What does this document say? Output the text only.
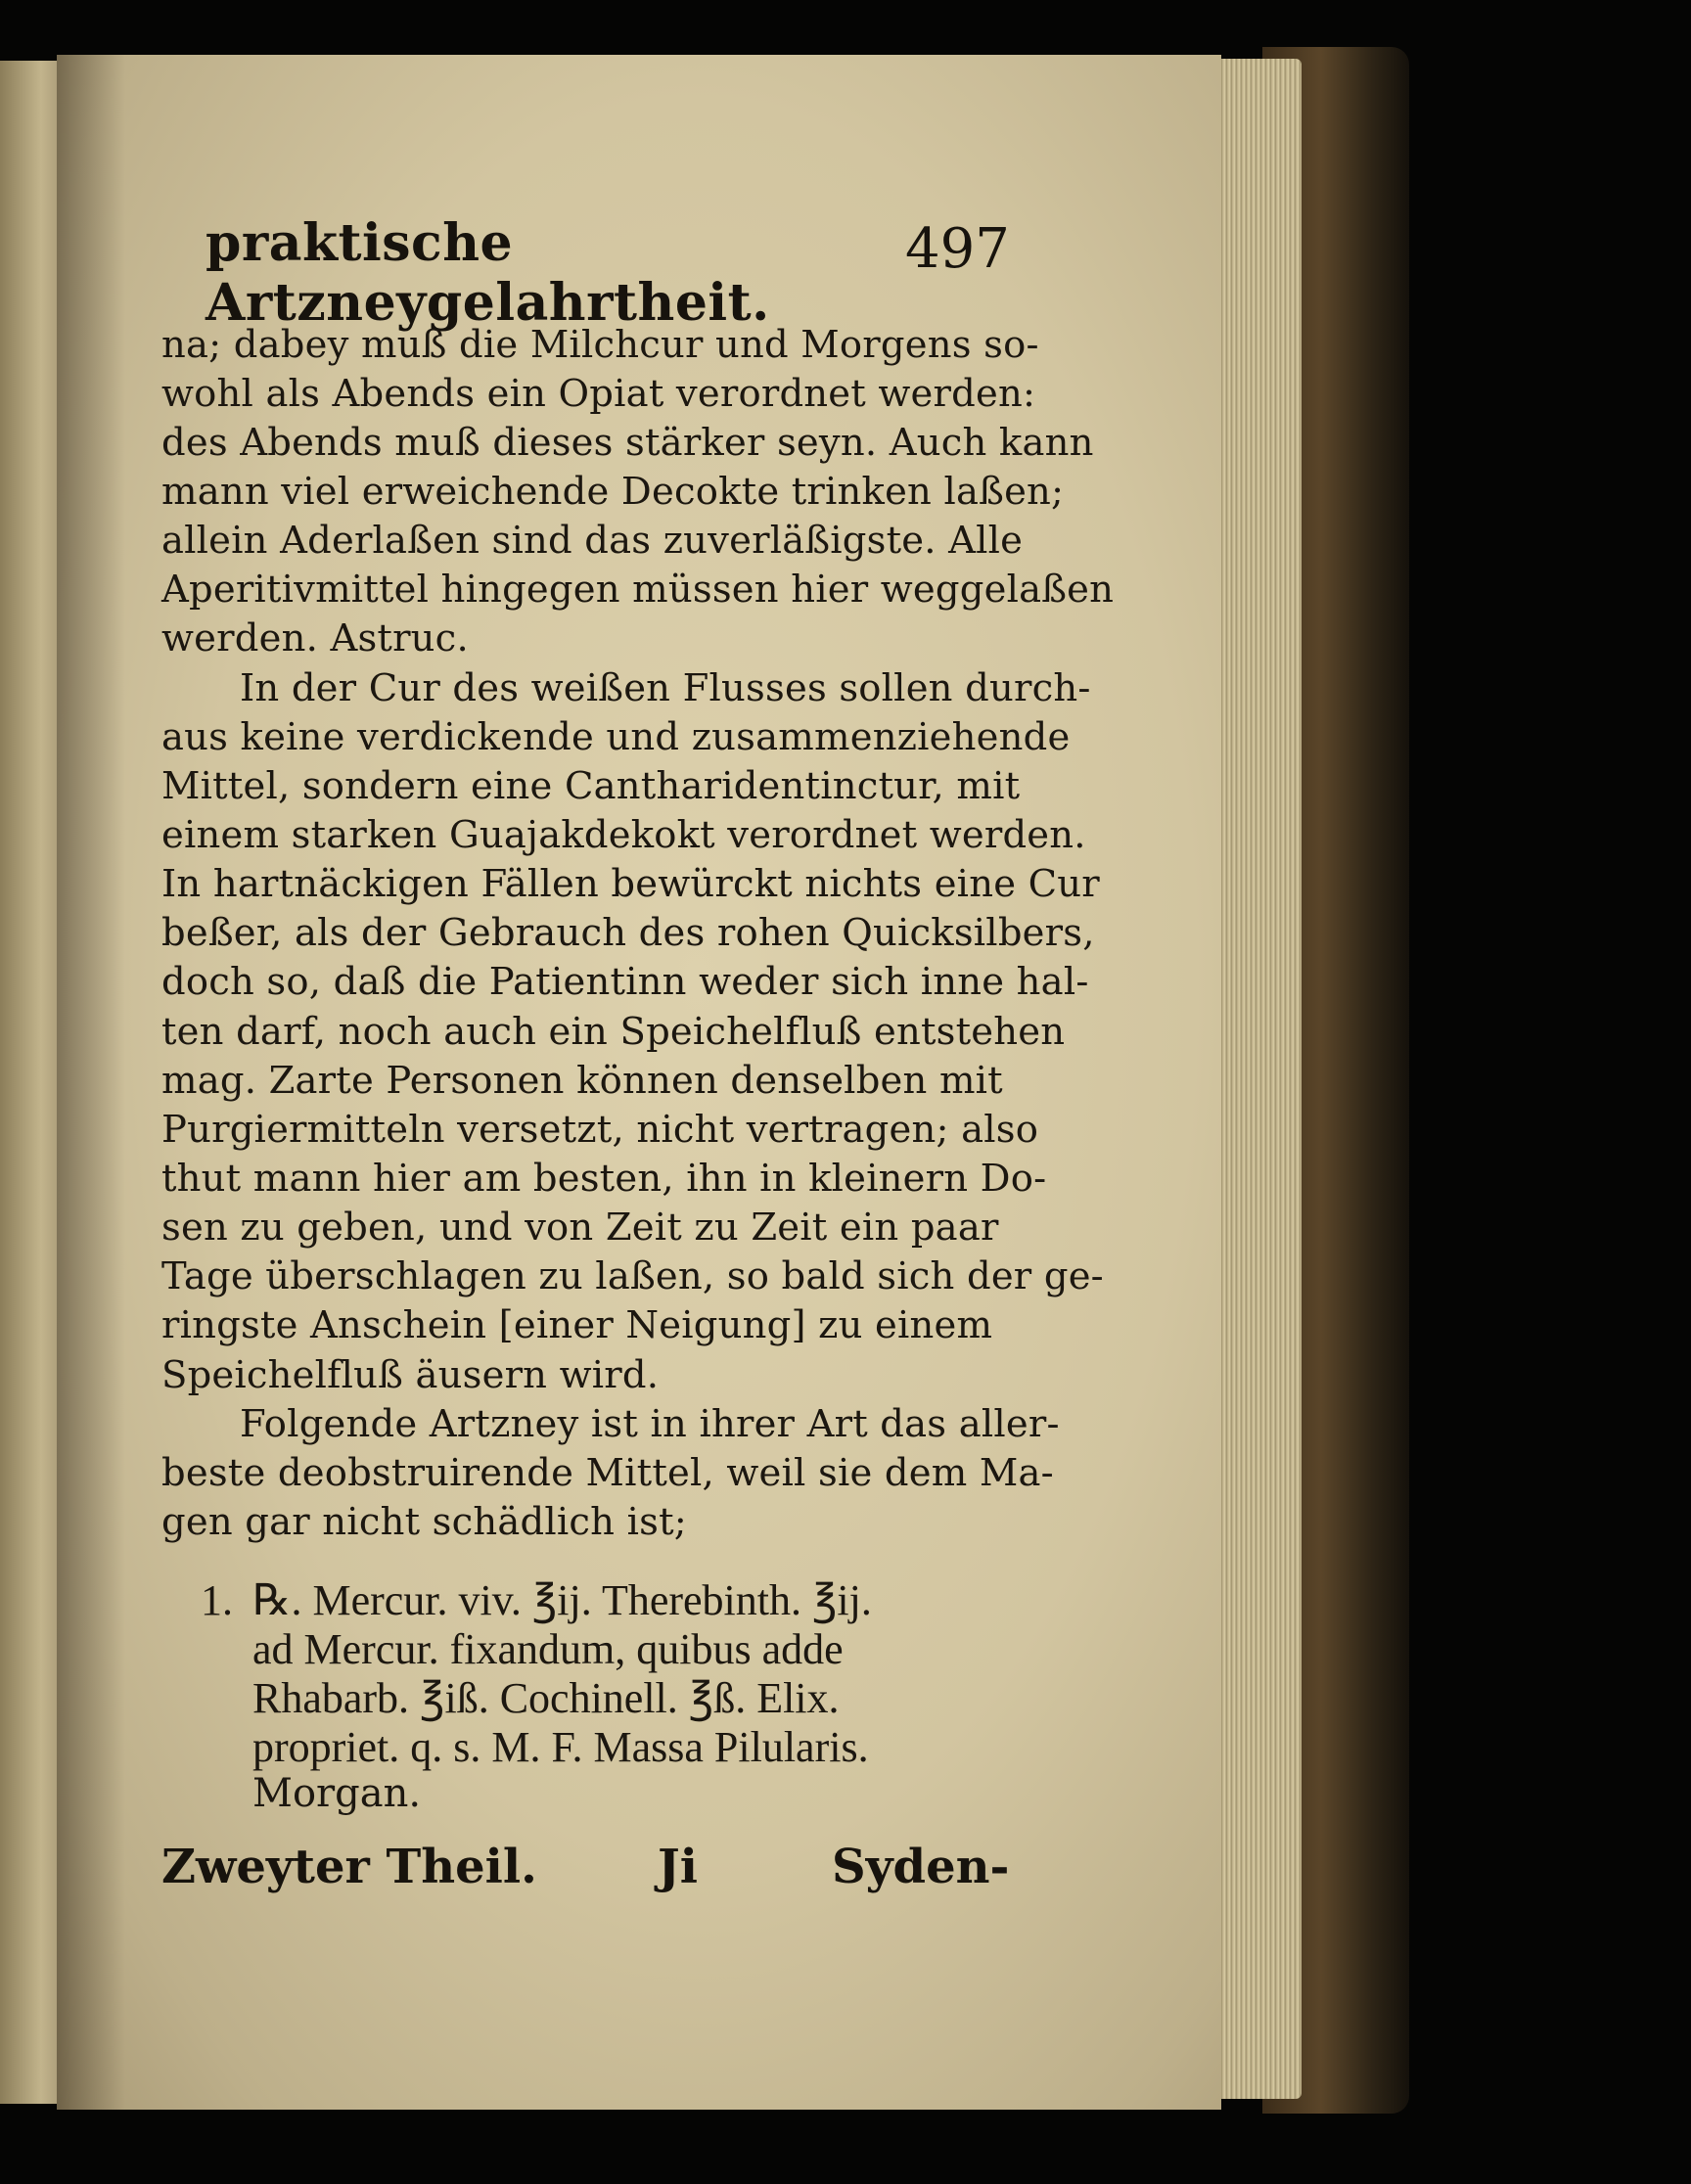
praktische Artzneygelahrtheit.
497
na; dabey muß die Milchcur und Morgens so-
wohl als Abends ein Opiat verordnet werden:
des Abends muß dieses stärker seyn. Auch kann
mann viel erweichende Decokte trinken laßen;
allein Aderlaßen sind das zuverläßigste. Alle
Aperitivmittel hingegen müssen hier weggelaßen
werden. Astruc.
In der Cur des weißen Flusses sollen durch-
aus keine verdickende und zusammenziehende
Mittel, sondern eine Cantharidentinctur, mit
einem starken Guajakdekokt verordnet werden.
In hartnäckigen Fällen bewürckt nichts eine Cur
beßer, als der Gebrauch des rohen Quicksilbers,
doch so, daß die Patientinn weder sich inne hal-
ten darf, noch auch ein Speichelfluß entstehen
mag. Zarte Personen können denselben mit
Purgiermitteln versetzt, nicht vertragen; also
thut mann hier am besten, ihn in kleinern Do-
sen zu geben, und von Zeit zu Zeit ein paar
Tage überschlagen zu laßen, so bald sich der ge-
ringste Anschein [einer Neigung] zu einem
Speichelfluß äusern wird.
Folgende Artzney ist in ihrer Art das aller-
beste deobstruirende Mittel, weil sie dem Ma-
gen gar nicht schädlich ist;
1. ℞. Mercur. viv. ℥ij. Therebinth. ℥ij.
ad Mercur. fixandum, quibus adde
Rhabarb. ℥iß. Cochinell. ℥ß. Elix.
propriet. q. s. M. F. Massa Pilularis.
Morgan.
Zweyter Theil.	Ji	Syden-
